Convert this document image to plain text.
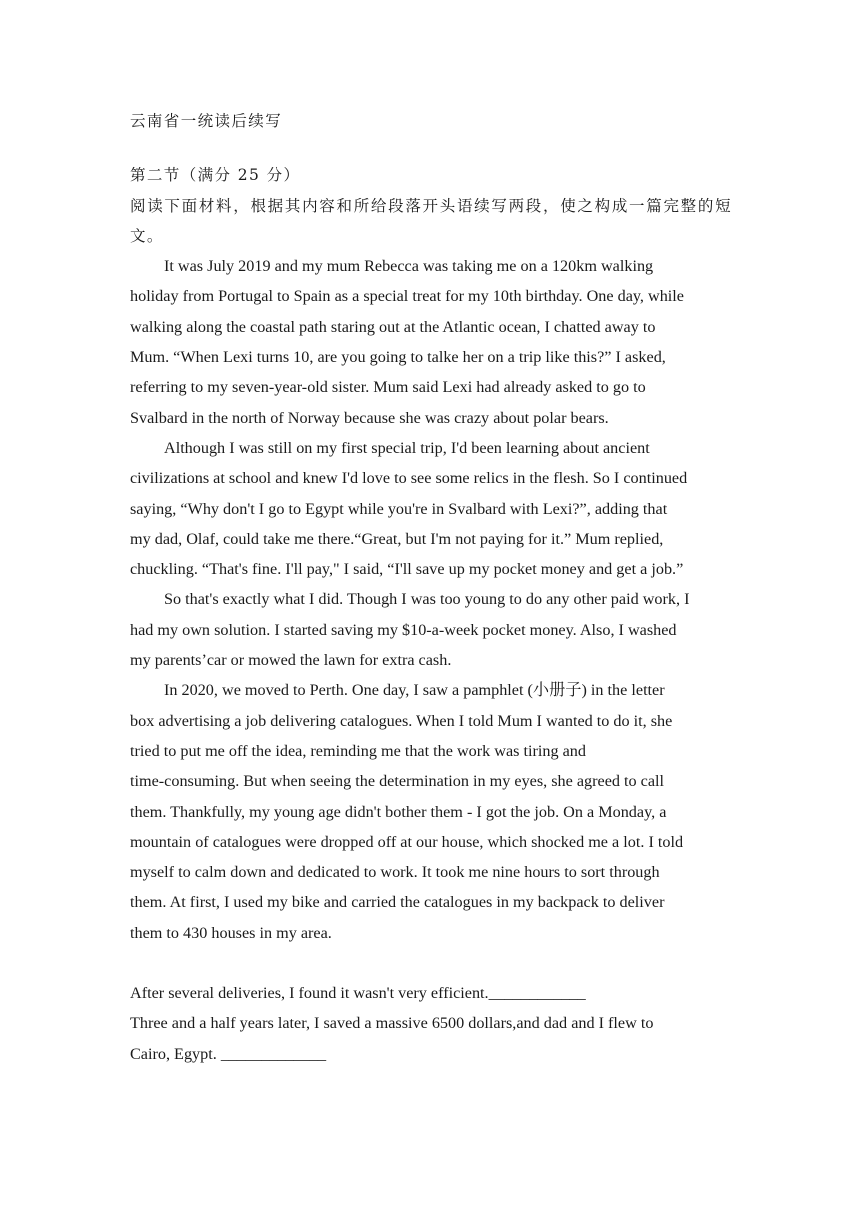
云南省一统读后续写
第二节（满分 25 分）
阅读下面材料，根据其内容和所给段落开头语续写两段，使之构成一篇完整的短文。
It was July 2019 and my mum Rebecca was taking me on a 120km walking
holiday from Portugal to Spain as a special treat for my 10th birthday. One day, while
walking along the coastal path staring out at the Atlantic ocean, I chatted away to
Mum. “When Lexi turns 10, are you going to talke her on a trip like this?” I asked,
referring to my seven-year-old sister. Mum said Lexi had already asked to go to
Svalbard in the north of Norway because she was crazy about polar bears.
Although I was still on my first special trip, I'd been learning about ancient
civilizations at school and knew I'd love to see some relics in the flesh. So I continued
saying, “Why don't I go to Egypt while you're in Svalbard with Lexi?”, adding that
my dad, Olaf, could take me there.“Great, but I'm not paying for it.” Mum replied,
chuckling. “That's fine. I'll pay," I said, “I'll save up my pocket money and get a job.”
So that's exactly what I did. Though I was too young to do any other paid work, I
had my own solution. I started saving my $10-a-week pocket money. Also, I washed
my parents’car or mowed the lawn for extra cash.
In 2020, we moved to Perth. One day, I saw a pamphlet (小册子) in the letter
box advertising a job delivering catalogues. When I told Mum I wanted to do it, she
tried to put me off the idea, reminding me that the work was tiring and
time-consuming. But when seeing the determination in my eyes, she agreed to call
them. Thankfully, my young age didn't bother them - I got the job. On a Monday, a
mountain of catalogues were dropped off at our house, which shocked me a lot. I told
myself to calm down and dedicated to work. It took me nine hours to sort through
them. At first, I used my bike and carried the catalogues in my backpack to deliver
them to 430 houses in my area.
After several deliveries, I found it wasn't very efficient.____________
Three and a half years later, I saved a massive 6500 dollars,and dad and I flew to
Cairo, Egypt. _____________
